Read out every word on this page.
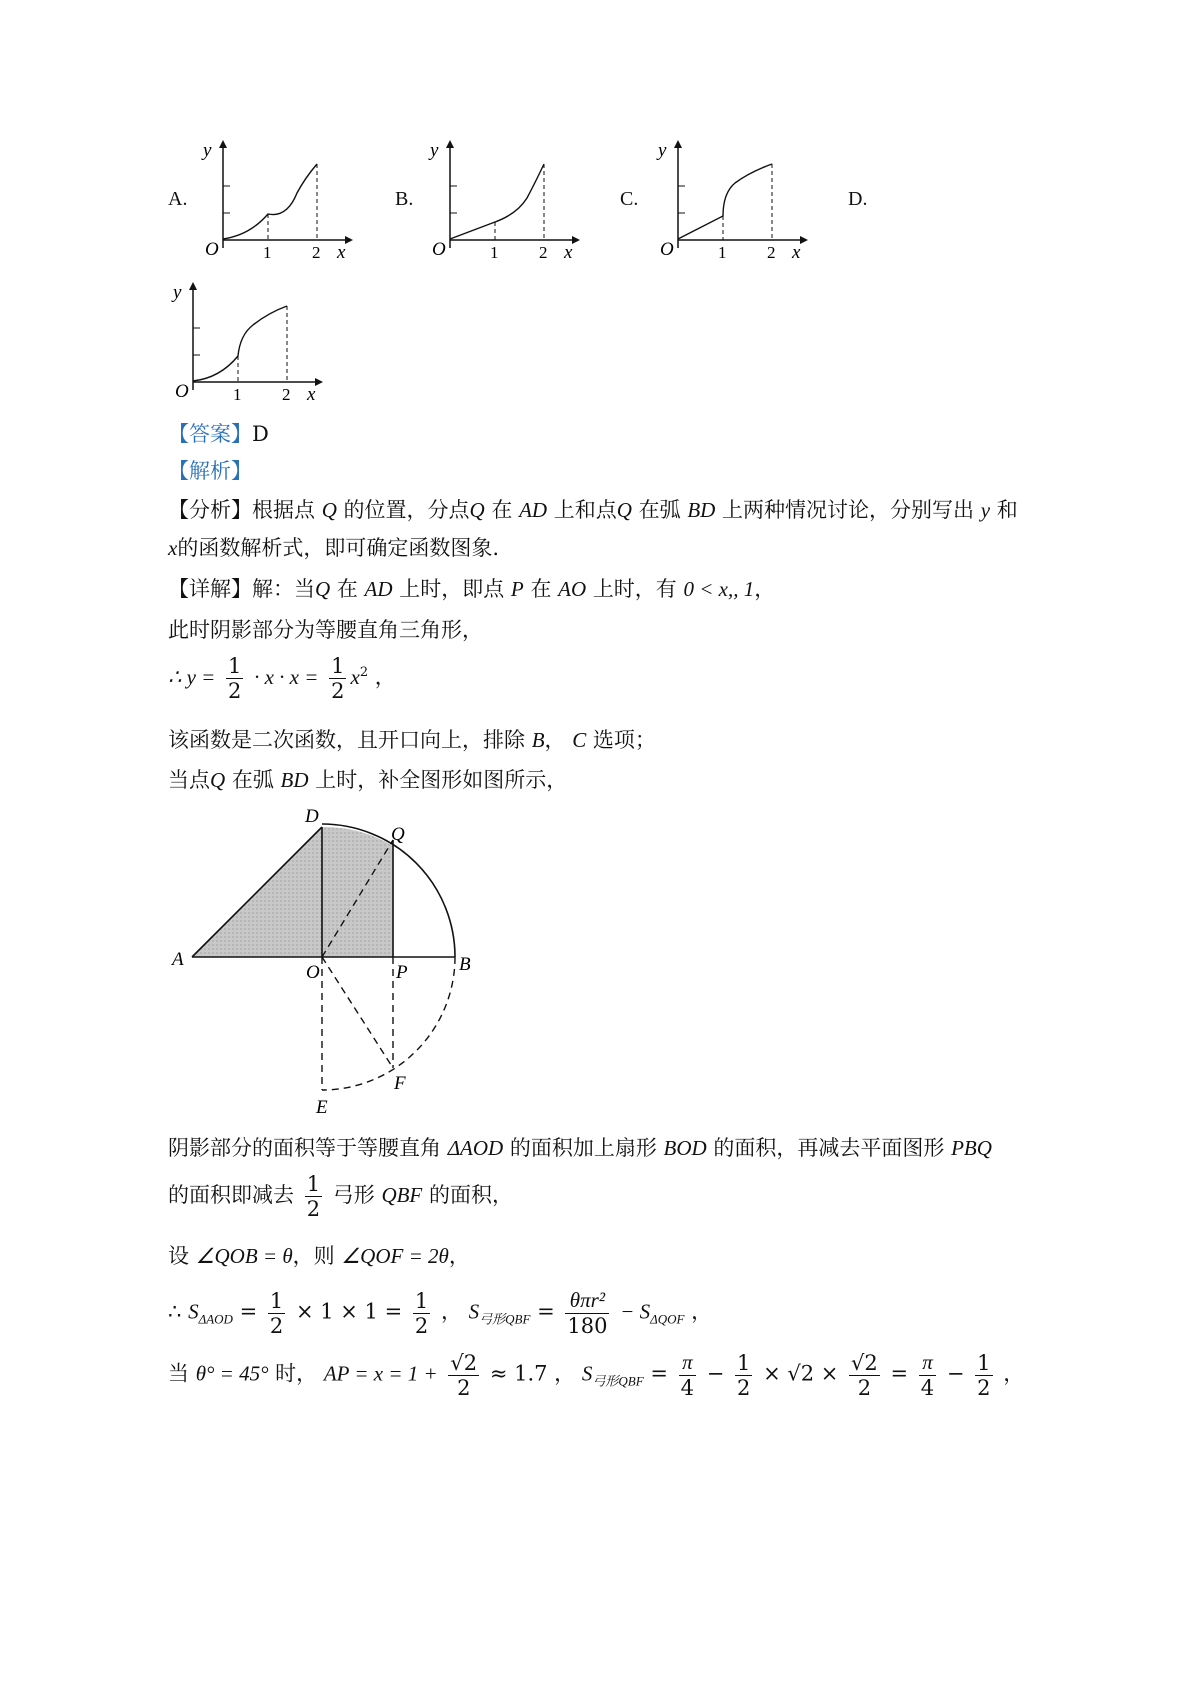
A.
y
O	1 2 x
B.
y
O	1 2 x
C.
y
O	1 2 x
D.
y
O	1 2 x
【答案】D
【解析】
【分析】根据点 Q 的位置，分点Q 在 AD 上和点Q 在弧 BD 上两种情况讨论，分别写出 y 和
x的函数解析式，即可确定函数图象.
【详解】解：当Q 在 AD 上时，即点 P 在 AO 上时，有 0 < x,, 1，
此时阴影部分为等腰直角三角形，
∴ $y = \frac{1}{2} \cdot x \cdot x = \frac{1}{2} x^2$ ，
该函数是二次函数，且开口向上，排除 B， C 选项；
当点Q 在弧 BD 上时，补全图形如图所示，
A
O	P	B
D
Q
E
F
阴影部分的面积等于等腰直角 ΔAOD 的面积加上扇形 BOD 的面积，再减去平面图形 PBQ
的面积即减去 $\frac{1}{2}$ 弓形 QBF 的面积，
设 ∠QOB = θ，则 ∠QOF = 2θ，
∴ $S_{\Delta AOD} = \frac{1}{2} \times 1 \times 1 = \frac{1}{2}$ ， $S_{弓形QBF} = \frac{\text{θπr²}}{180} - S_{\Delta QOF}$ ，
当 θ° = 45° 时， AP = $x = 1 + \frac{√2}{2} \approx 1.7$ ， $S_{弓形QBF} = \frac{\pi}{4} - \frac{1}{2} \times √2 \times \frac{√2}{2} = \frac{\pi}{4} - \frac{1}{2}$ ，
